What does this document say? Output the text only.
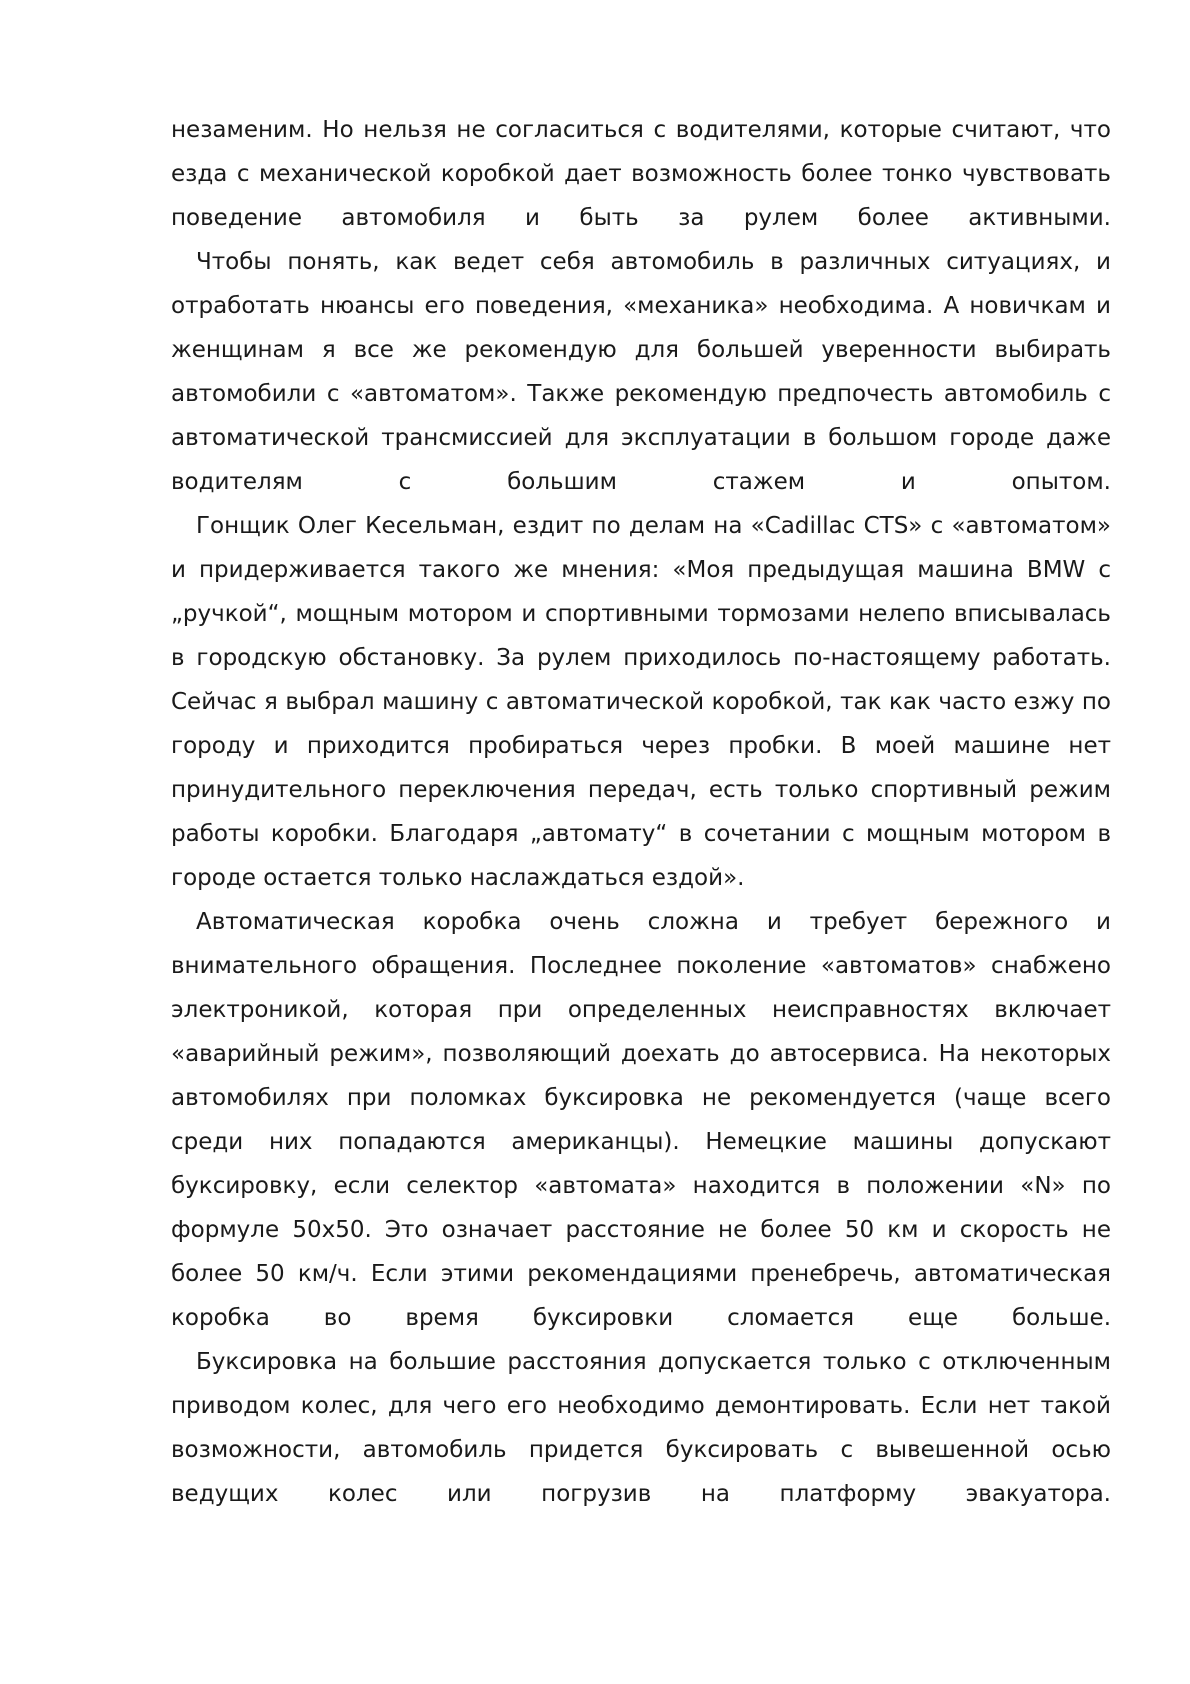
незаменим. Но нельзя не согласиться с водителями, которые считают, что езда с механической коробкой дает возможность более тонко чувствовать поведение автомобиля и быть за рулем более активными.

Чтобы понять, как ведет себя автомобиль в различных ситуациях, и отработать нюансы его поведения, «механика» необходима. А новичкам и женщинам я все же рекомендую для большей уверенности выбирать автомобили с «автоматом». Также рекомендую предпочесть автомобиль с автоматической трансмиссией для эксплуатации в большом городе даже водителям с большим стажем и опытом.

Гонщик Олег Кесельман, ездит по делам на «Cadillac CTS» с «автоматом» и придерживается такого же мнения: «Моя предыдущая машина BMW с „ручкой“, мощным мотором и спортивными тормозами нелепо вписывалась в городскую обстановку. За рулем приходилось по-настоящему работать. Сейчас я выбрал машину с автоматической коробкой, так как часто езжу по городу и приходится пробираться через пробки. В моей машине нет принудительного переключения передач, есть только спортивный режим работы коробки. Благодаря „автомату“ в сочетании с мощным мотором в городе остается только наслаждаться ездой».

Автоматическая коробка очень сложна и требует бережного и внимательного обращения. Последнее поколение «автоматов» снабжено электроникой, которая при определенных неисправностях включает «аварийный режим», позволяющий доехать до автосервиса. На некоторых автомобилях при поломках буксировка не рекомендуется (чаще всего среди них попадаются американцы). Немецкие машины допускают буксировку, если селектор «автомата» находится в положении «N» по формуле 50х50. Это означает расстояние не более 50 км и скорость не более 50 км/ч. Если этими рекомендациями пренебречь, автоматическая коробка во время буксировки сломается еще больше.

Буксировка на большие расстояния допускается только с отключенным приводом колес, для чего его необходимо демонтировать. Если нет такой возможности, автомобиль придется буксировать с вывешенной осью ведущих колес или погрузив на платформу эвакуатора.
